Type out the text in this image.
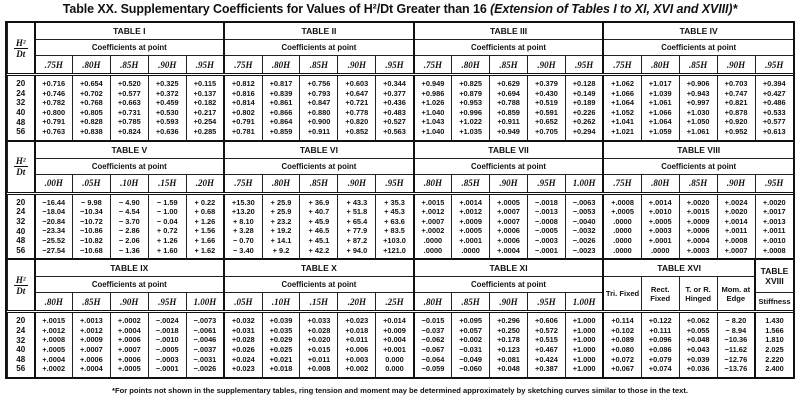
Table XX. Supplementary Coefficients for Values of H²/Dt Greater than 16 (Extension of Tables I to XI, XVI and XVIII)*
$\frac{\text{H²}}{Dt}$	TABLE I					TABLE II					TABLE III					TABLE IV				
	Coefficients at point					Coefficients at point					Coefficients at point					Coefficients at point				
	.75H	.80H	.85H	.90H	.95H	.75H	.80H	.85H	.90H	.95H	.75H	.80H	.85H	.90H	.95H	.75H	.80H	.85H	.90H	.95H
20	+0.716	+0.654	+0.520	+0.325	+0.115	+0.812	+0.817	+0.756	+0.603	+0.344	+0.949	+0.825	+0.629	+0.379	+0.128	+1.062	+1.017	+0.906	+0.703	+0.394
24	+0.746	+0.702	+0.577	+0.372	+0.137	+0.816	+0.839	+0.793	+0.647	+0.377	+0.986	+0.879	+0.694	+0.430	+0.149	+1.066	+1.039	+0.943	+0.747	+0.427
32	+0.782	+0.768	+0.663	+0.459	+0.182	+0.814	+0.861	+0.847	+0.721	+0.436	+1.026	+0.953	+0.788	+0.519	+0.189	+1.064	+1.061	+0.997	+0.821	+0.486
40	+0.800	+0.805	+0.731	+0.530	+0.217	+0.802	+0.866	+0.880	+0.778	+0.483	+1.040	+0.996	+0.859	+0.591	+0.226	+1.052	+1.066	+1.030	+0.878	+0.533
48	+0.791	+0.828	+0.785	+0.593	+0.254	+0.791	+0.864	+0.900	+0.820	+0.527	+1.043	+1.022	+0.911	+0.652	+0.262	+1.041	+1.064	+1.050	+0.920	+0.577
56	+0.763	+0.838	+0.824	+0.636	+0.285	+0.781	+0.859	+0.911	+0.852	+0.563	+1.040	+1.035	+0.949	+0.705	+0.294	+1.021	+1.059	+1.061	+0.952	+0.613
$\frac{\text{H²}}{Dt}$	TABLE V					TABLE VI					TABLE VII					TABLE VIII				
	Coefficients at point					Coefficients at point					Coefficients at point					Coefficients at point				
	.00H	.05H	.10H	.15H	.20H	.75H	.80H	.85H	.90H	.95H	.80H	.85H	.90H	.95H	1.00H	.75H	.80H	.85H	.90H	.95H
20	−16.44	− 9.98	− 4.90	− 1.59	+ 0.22	+15.30	+ 25.9	+ 36.9	+ 43.3	+ 35.3	+.0015	+.0014	+.0005	−.0018	−.0063	+.0008	+.0014	+.0020	+.0024	+.0020
24	−18.04	−10.34	− 4.54	− 1.00	+ 0.68	+13.20	+ 25.9	+ 40.7	+ 51.8	+ 45.3	+.0012	+.0012	+.0007	−.0013	−.0053	+.0005	+.0010	+.0015	+.0020	+.0017
32	−20.84	−10.72	− 3.70	− 0.04	+ 1.26	+ 8.10	+ 23.2	+ 45.9	+ 65.4	+ 63.6	+.0007	+.0009	+.0007	−.0008	−.0040	.0000	+.0005	+.0009	+.0014	+.0013
40	−23.34	−10.86	− 2.86	+ 0.72	+ 1.56	+ 3.28	+ 19.2	+ 46.5	+ 77.9	+ 83.5	+.0002	+.0005	+.0006	−.0005	−.0032	.0000	+.0003	+.0006	+.0011	+.0011
48	−25.52	−10.82	− 2.06	+ 1.26	+ 1.66	− 0.70	+ 14.1	+ 45.1	+ 87.2	+103.0	.0000	+.0001	+.0006	−.0003	−.0026	.0000	+.0001	+.0004	+.0008	+.0010
56	−27.54	−10.68	− 1.36	+ 1.60	+ 1.62	− 3.40	+ 9.2	+ 42.2	+ 94.0	+121.0	.0000	.0000	+.0004	−.0001	−.0023	.0000	.0000	+.0003	+.0007	+.0008
$\frac{\text{H²}}{Dt}$	TABLE IX					TABLE X					TABLE XI					TABLE XVI				TABLE XVIII
	Coefficients at point					Coefficients at point					Coefficients at point					Tri. Fixed	Rect. Fixed	T. or R. Hinged	Mom. at Edge	
	.80H	.85H	.90H	.95H	1.00H	.05H	.10H	.15H	.20H	.25H	.80H	.85H	.90H	.95H	1.00H					Stiffness
20	+.0015	+.0013	+.0002	−.0024	−.0073	+0.032	+0.039	+0.033	+0.023	+0.014	−0.015	+0.095	+0.296	+0.606	+1.000	+0.114	+0.122	+0.062	− 8.20	1.430
24	+.0012	+.0012	+.0004	−.0018	−.0061	+0.031	+0.035	+0.028	+0.018	+0.009	−0.037	+0.057	+0.250	+0.572	+1.000	+0.102	+0.111	+0.055	− 8.94	1.566
32	+.0008	+.0009	+.0006	−.0010	−.0046	+0.028	+0.029	+0.020	+0.011	+0.004	−0.062	+0.002	+0.178	+0.515	+1.000	+0.089	+0.096	+0.048	−10.36	1.810
40	+.0005	+.0007	+.0007	−.0005	−.0037	+0.026	+0.025	+0.015	+0.006	+0.001	−0.067	−0.031	+0.123	+0.467	+1.000	+0.080	+0.086	+0.043	−11.62	2.025
48	+.0004	+.0006	+.0006	−.0003	−.0031	+0.024	+0.021	+0.011	+0.003	0.000	−0.064	−0.049	+0.081	+0.424	+1.000	+0.072	+0.079	+0.039	−12.76	2.220
56	+.0002	+.0004	+.0005	−.0001	−.0026	+0.023	+0.018	+0.008	+0.002	0.000	−0.059	−0.060	+0.048	+0.387	+1.000	+0.067	+0.074	+0.036	−13.76	2.400
*For points not shown in the supplementary tables, ring tension and moment may be determined approximately by sketching curves similar to those in the text.
